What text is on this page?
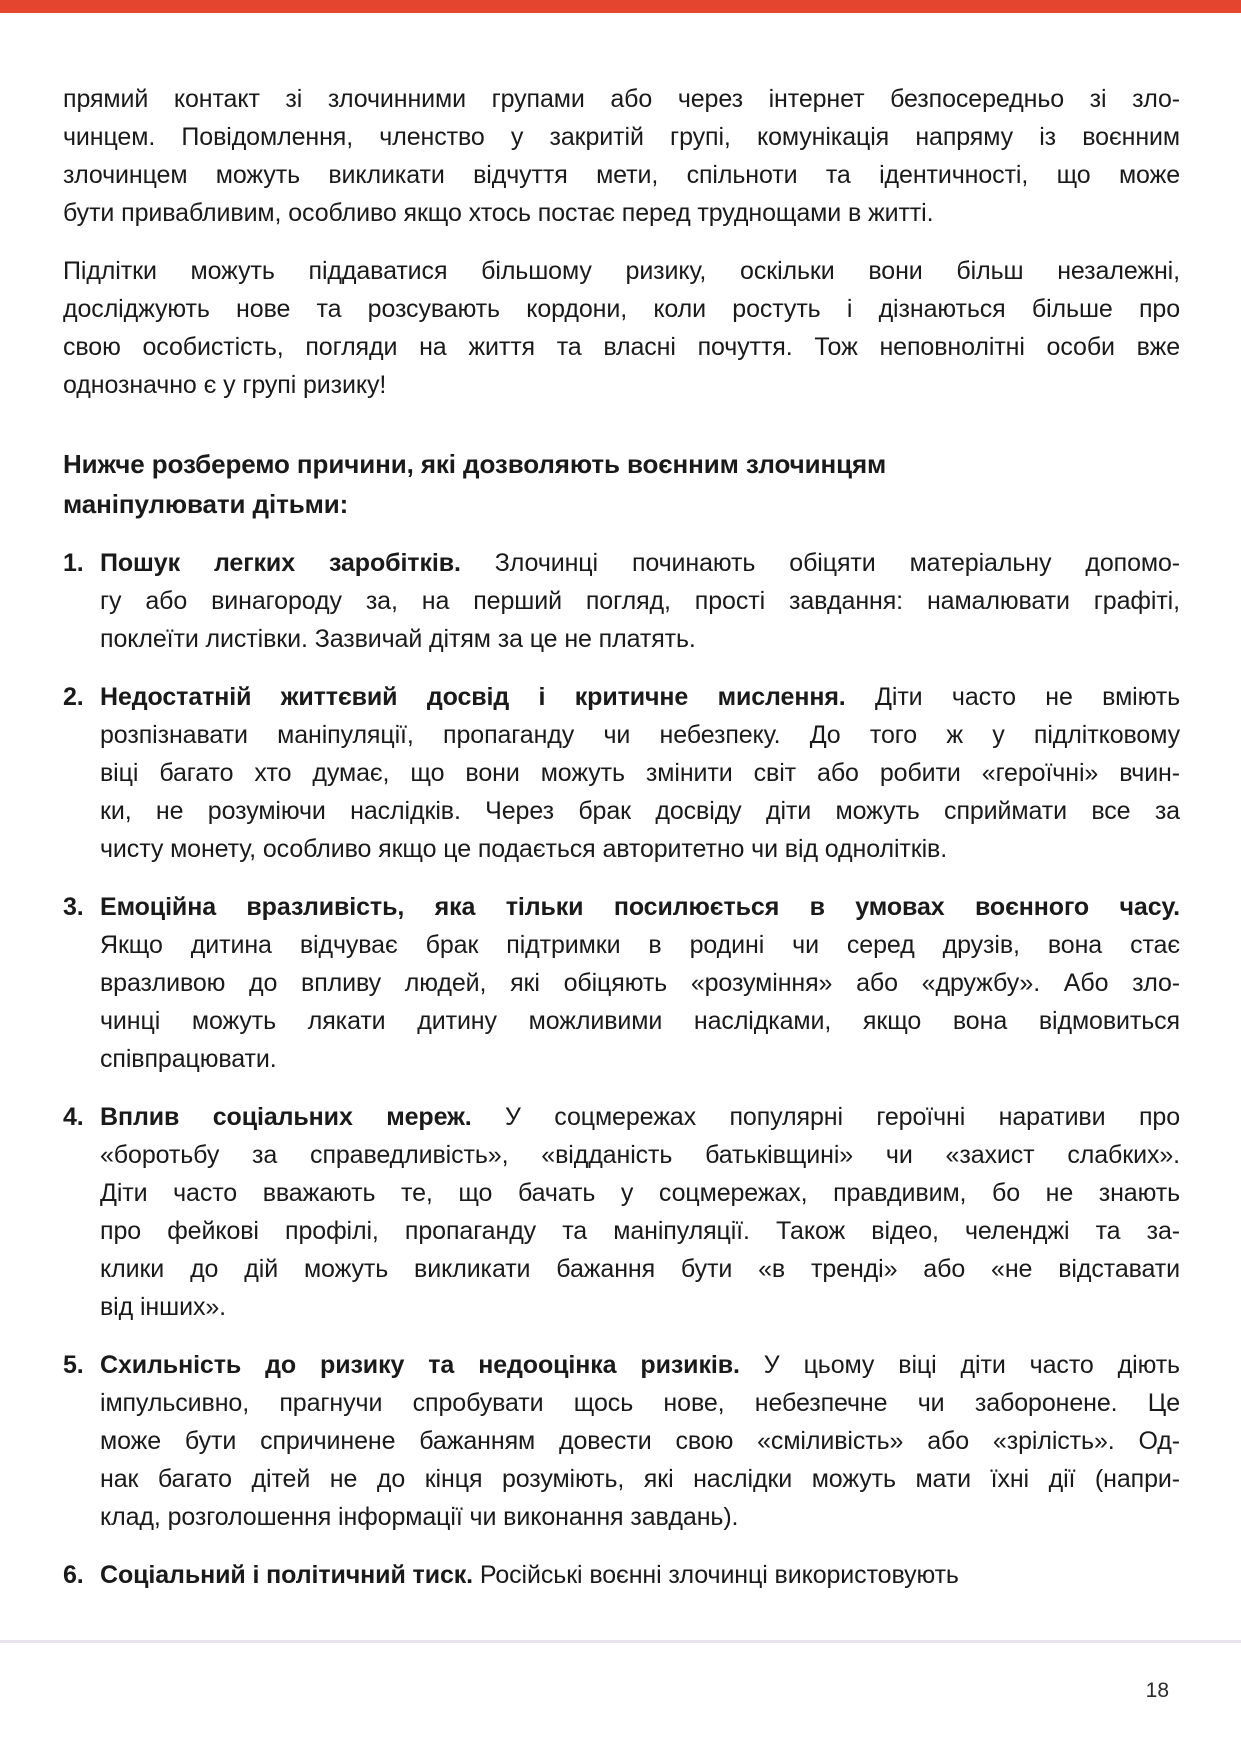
прямий контакт зі злочинними групами або через інтернет безпосередньо зі зло-
чинцем. Повідомлення, членство у закритій групі, комунікація напряму із воєнним
злочинцем можуть викликати відчуття мети, спільноти та ідентичності, що може
бути привабливим, особливо якщо хтось постає перед труднощами в житті.
Підлітки можуть піддаватися більшому ризику, оскільки вони більш незалежні,
досліджують нове та розсувають кордони, коли ростуть і дізнаються більше про
свою особистість, погляди на життя та власні почуття. Тож неповнолітні особи вже
однозначно є у групі ризику!
Нижче розберемо причини, які дозволяють воєнним злочинцям
маніпулювати дітьми:
1. Пошук легких заробітків. Злочинці починають обіцяти матеріальну допомо-
гу або винагороду за, на перший погляд, прості завдання: намалювати графіті,
поклеїти листівки. Зазвичай дітям за це не платять.
2. Недостатній життєвий досвід і критичне мислення. Діти часто не вміють
розпізнавати маніпуляції, пропаганду чи небезпеку. До того ж у підлітковому
віці багато хто думає, що вони можуть змінити світ або робити «героїчні» вчин-
ки, не розуміючи наслідків. Через брак досвіду діти можуть сприймати все за
чисту монету, особливо якщо це подається авторитетно чи від однолітків.
3. Емоційна вразливість, яка тільки посилюється в умовах воєнного часу.
Якщо дитина відчуває брак підтримки в родині чи серед друзів, вона стає
вразливою до впливу людей, які обіцяють «розуміння» або «дружбу». Або зло-
чинці можуть лякати дитину можливими наслідками, якщо вона відмовиться
співпрацювати.
4. Вплив соціальних мереж. У соцмережах популярні героїчні наративи про
«боротьбу за справедливість», «відданість батьківщині» чи «захист слабких».
Діти часто вважають те, що бачать у соцмережах, правдивим, бо не знають
про фейкові профілі, пропаганду та маніпуляції. Також відео, челенджі та за-
клики до дій можуть викликати бажання бути «в тренді» або «не відставати
від інших».
5. Схильність до ризику та недооцінка ризиків. У цьому віці діти часто діють
імпульсивно, прагнучи спробувати щось нове, небезпечне чи заборонене. Це
може бути спричинене бажанням довести свою «сміливість» або «зрілість». Од-
нак багато дітей не до кінця розуміють, які наслідки можуть мати їхні дії (напри-
клад, розголошення інформації чи виконання завдань).
6. Соціальний і політичний тиск. Російські воєнні злочинці використовують
18
